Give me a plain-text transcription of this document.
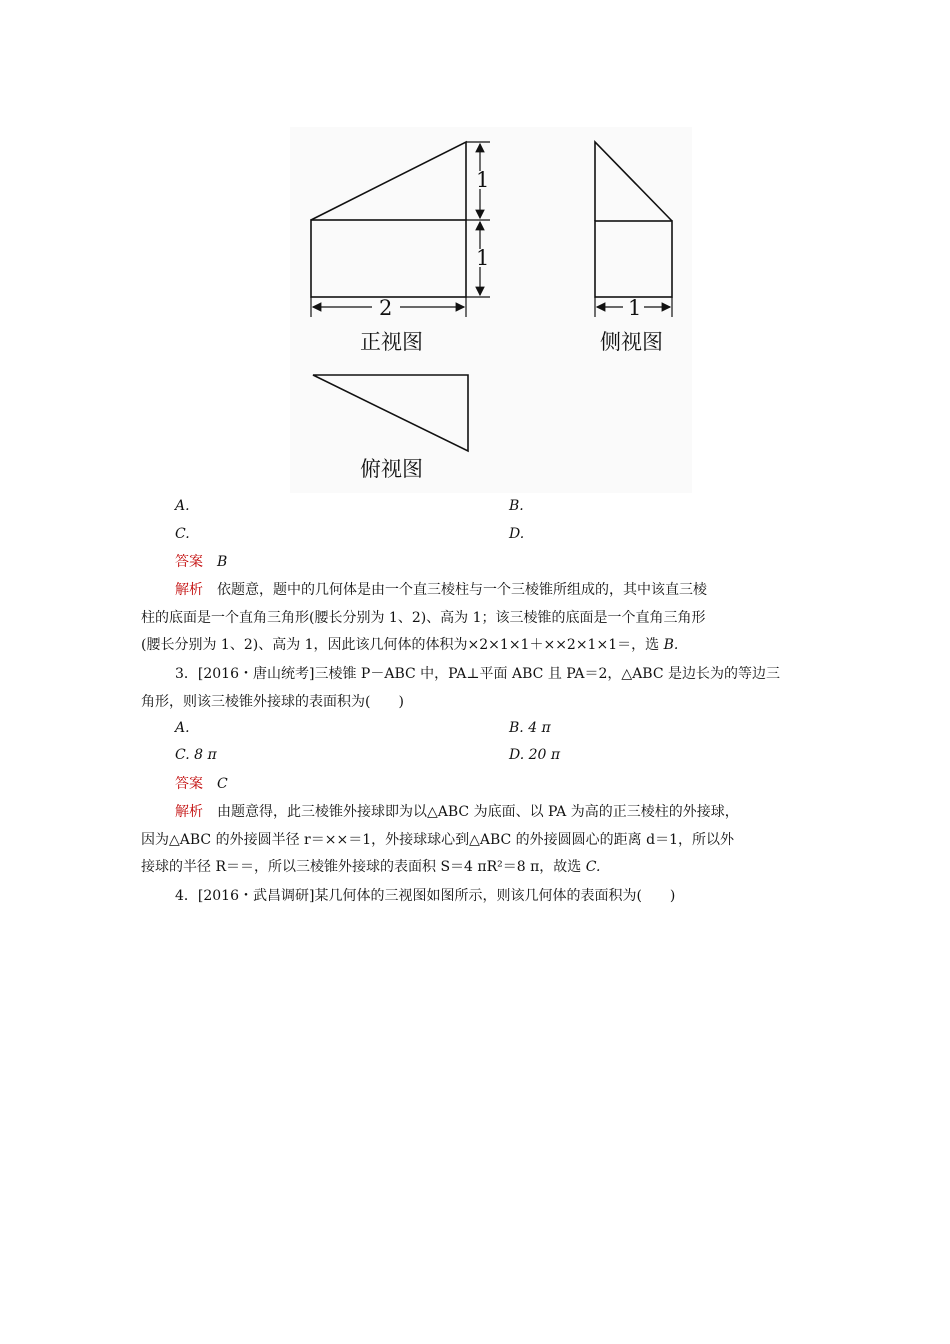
1
1
2
正视图
1
侧视图
俯视图
A.	B.
C.	D.
答案　 B
解析　 依题意，题中的几何体是由一个直三棱柱与一个三棱锥所组成的，其中该直三棱
柱的底面是一个直角三角形(腰长分别为 1、2)、高为 1；该三棱锥的底面是一个直角三角形
(腰长分别为 1、2)、高为 1，因此该几何体的体积为×2×1×1＋××2×1×1＝，选 B.
3．[2016・唐山统考]三棱锥 P－ABC 中，PA⊥平面 ABC 且 PA＝2，△ABC 是边长为的等边三
角形，则该三棱锥外接球的表面积为(　　)
A.	B. 4 π
C. 8 π	D. 20 π
答案　 C
解析　 由题意得，此三棱锥外接球即为以△ABC 为底面、以 PA 为高的正三棱柱的外接球，
因为△ABC 的外接圆半径 r＝××＝1，外接球球心到△ABC 的外接圆圆心的距离 d＝1，所以外
接球的半径 R＝＝，所以三棱锥外接球的表面积 S＝4 πR²＝8 π，故选 C.
4．[2016・武昌调研]某几何体的三视图如图所示，则该几何体的表面积为(　　)
